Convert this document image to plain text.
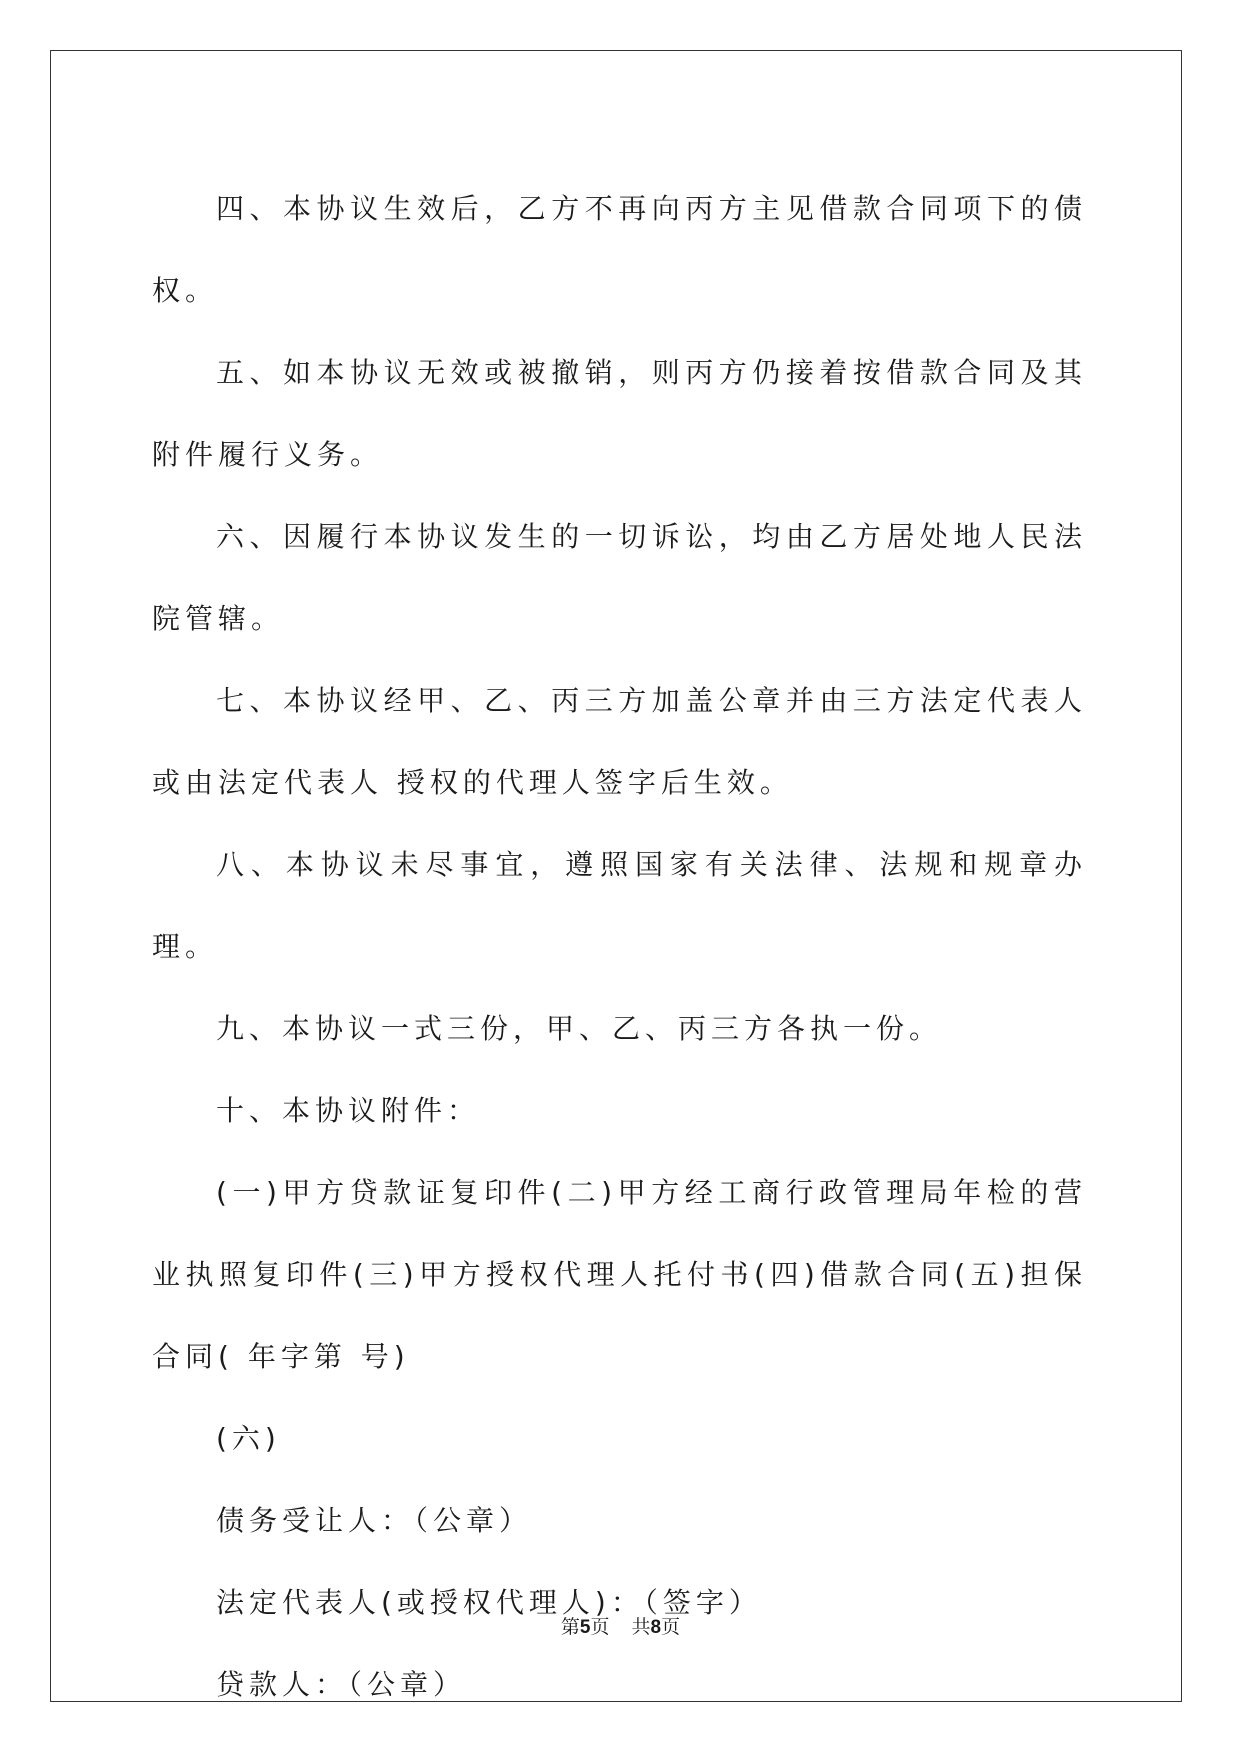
四、本协议生效后，乙方不再向丙方主见借款合同项下的债权。

五、如本协议无效或被撤销，则丙方仍接着按借款合同及其附件履行义务。

六、因履行本协议发生的一切诉讼，均由乙方居处地人民法院管辖。

七、本协议经甲、乙、丙三方加盖公章并由三方法定代表人或由法定代表人 授权的代理人签字后生效。

八、本协议未尽事宜，遵照国家有关法律、法规和规章办理。

九、本协议一式三份，甲、乙、丙三方各执一份。

十、本协议附件：

(一)甲方贷款证复印件(二)甲方经工商行政管理局年检的营业执照复印件(三)甲方授权代理人托付书(四)借款合同(五)担保合同( 年字第 号)

(六)

债务受让人：（公章）

法定代表人(或授权代理人)：（签字）

贷款人：（公章）

第5页 共8页
